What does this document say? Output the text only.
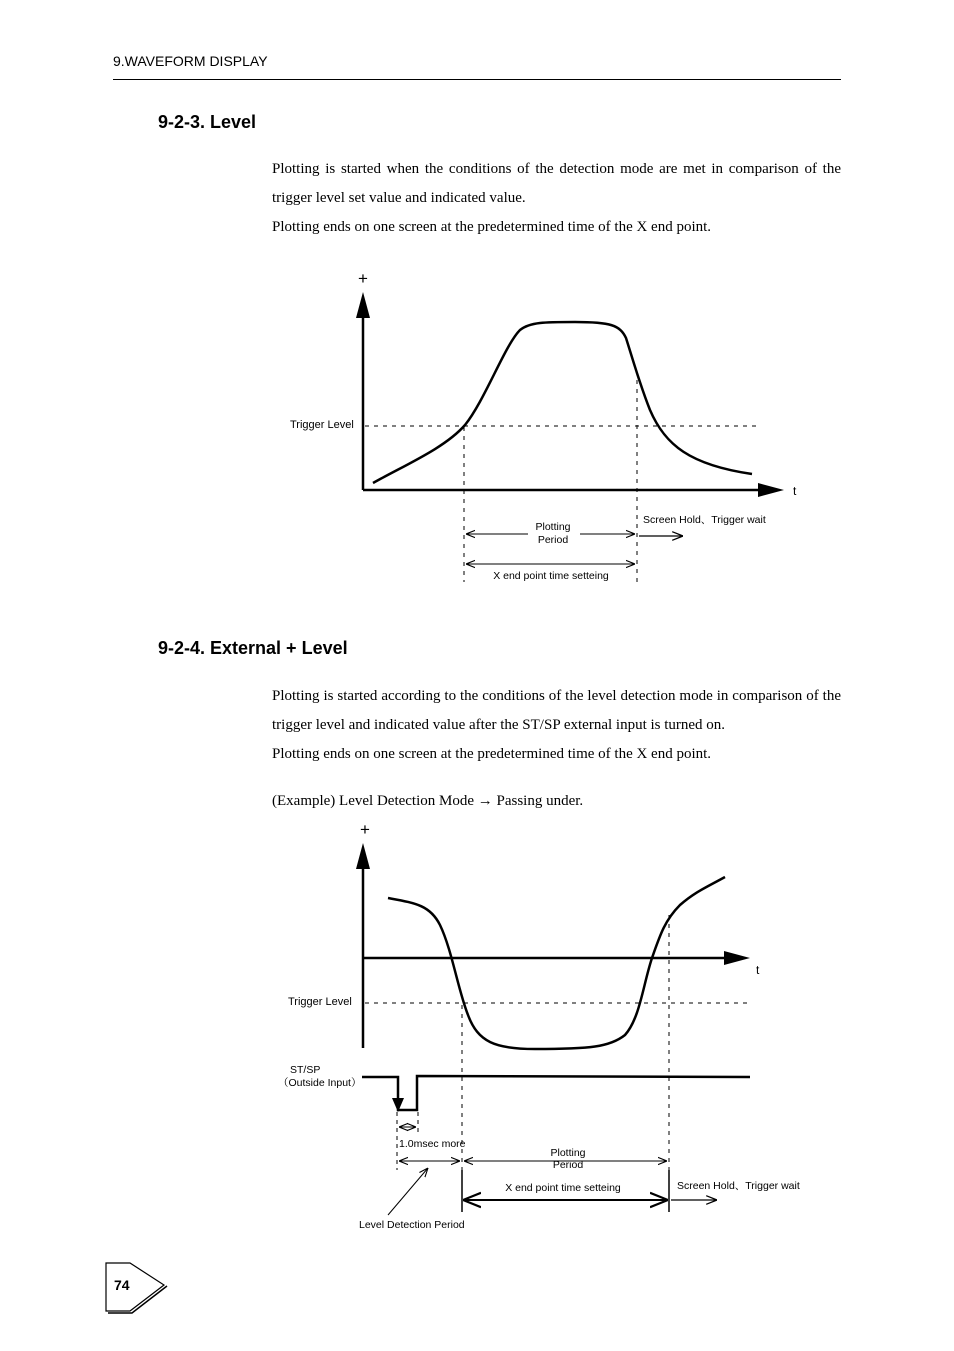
9.WAVEFORM DISPLAY
9-2-3. Level

Plotting is started when the conditions of the detection mode are met in comparison of the trigger level set value and indicated value.

Plotting ends on one screen at the predetermined time of the X end point.

+
t
Trigger Level
Plotting
Period
Screen Hold、Trigger wait
X end point time setteing
9-2-4. External + Level

Plotting is started according to the conditions of the level detection mode in comparison of the trigger level and indicated value after the ST/SP external input is turned on.

Plotting ends on one screen at the predetermined time of the X end point.

(Example) Level Detection Mode → Passing under.

+
t
Trigger Level
ST/SP
（Outside Input）
1.0msec more
Plotting
Period
X end point time setteing	Screen Hold、Trigger wait
Level Detection Period
74
